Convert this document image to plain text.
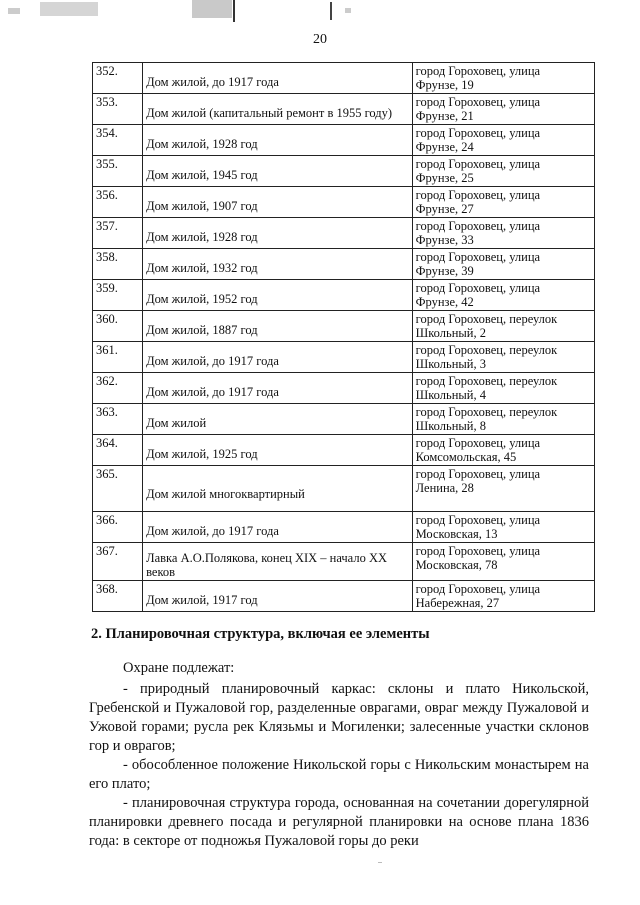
20
352.	Дом жилой, до 1917 года	город Гороховец, улица
Фрунзе, 19

353.	Дом жилой (капитальный ремонт в 1955 году)	город Гороховец, улица
Фрунзе, 21

354.	Дом жилой, 1928 год	город Гороховец, улица
Фрунзе, 24

355.	Дом жилой, 1945 год	город Гороховец, улица
Фрунзе, 25

356.	Дом жилой, 1907 год	город Гороховец, улица
Фрунзе, 27

357.	Дом жилой, 1928 год	город Гороховец, улица
Фрунзе, 33

358.	Дом жилой, 1932 год	город Гороховец, улица
Фрунзе, 39

359.	Дом жилой, 1952 год	город Гороховец, улица
Фрунзе, 42

360.	Дом жилой, 1887 год	город Гороховец, переулок
Школьный, 2

361.	Дом жилой, до 1917 года	город Гороховец, переулок
Школьный, 3

362.	Дом жилой, до 1917 года	город Гороховец, переулок
Школьный, 4

363.	Дом жилой	город Гороховец, переулок
Школьный, 8

364.	Дом жилой, 1925 год	город Гороховец, улица
Комсомольская, 45

365.	Дом жилой многоквартирный	город Гороховец, улица
Ленина, 28

366.	Дом жилой, до 1917 года	город Гороховец, улица
Московская, 13

367.	Лавка А.О.Полякова, конец XIX – начало XX веков	город Гороховец, улица
Московская, 78

368.	Дом жилой, 1917 год	город Гороховец, улица
Набережная, 27
2. Планировочная структура, включая ее элементы

Охране подлежат:

- природный планировочный каркас: склоны и плато Никольской, Гребенской и Пужаловой гор, разделенные оврагами, овраг между Пужаловой и Ужовой горами; русла рек Клязьмы и Могиленки; залесенные участки склонов гор и оврагов;

- обособленное положение Никольской горы с Никольским монастырем на его плато;

- планировочная структура города, основанная на сочетании дорегулярной планировки древнего посада и регулярной планировки на основе плана 1836 года: в секторе от подножья Пужаловой горы до реки
